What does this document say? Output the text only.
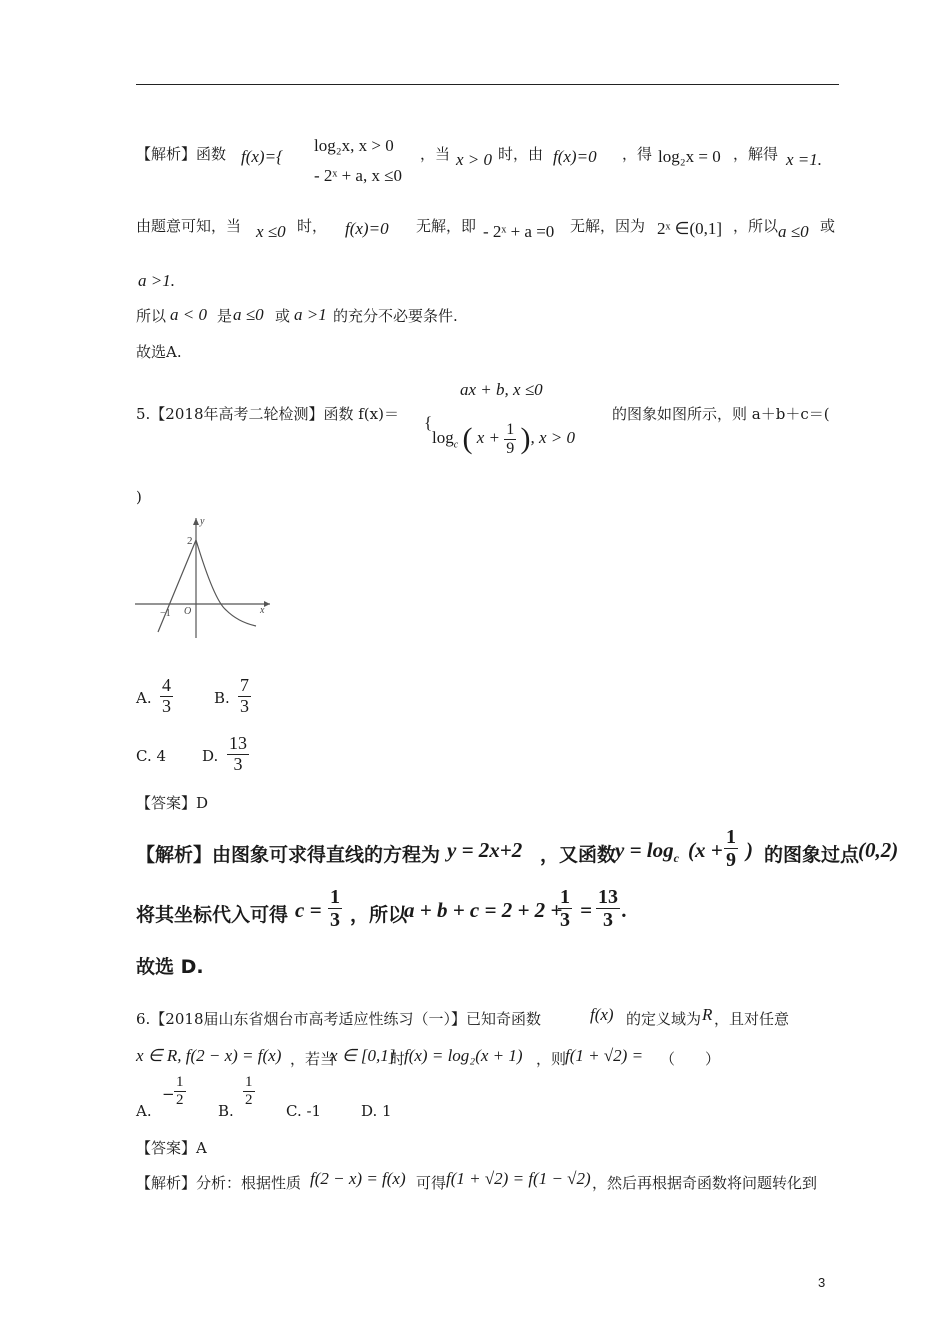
【解析】函数 f(x)={
log₂x, x > 0
- 2ˣ + a, x ≤0
，当 x > 0 时，由 f(x)=0 ，得 log₂x = 0 ，解得 x =1.
由题意可知，当 x ≤0 时， f(x)=0 无解，即 - 2ˣ + a =0 无解，因为 2ˣ ∈(0,1] ，所以 a ≤0 或
a >1.
所以 a < 0 是 a ≤0 或 a >1 的充分不必要条件.
故选A.
5.【2018年高考二轮检测】函数 f(x)＝
ax + b, x ≤0
{
$\log_c$ ( $x + \frac{1}{9}$ ), x > 0
的图象如图所示，则 a＋b＋c＝(
)
y
x
2
−1 O
A. $\frac{4}{3}$	B. $\frac{7}{3}$
C. 4 D. $\frac{13}{3}$
【答案】D
【解析】由图象可求得直线的方程为 y = 2x+2 ，又函数
$y = \log_c (x + \frac{1}{9}$ ) 的图象过点
(0,2)
将其坐标代入可得 $c = \frac{1}{3}$ ，所以
a + b + c = 2 + 2 +
$\frac{1}{3} = \frac{13}{3}$ .
故选 D.
6.【2018届山东省烟台市高考适应性练习（一）】已知奇函数	f(x) 的定义域为 R ，且对任意
x ∈ R, f(2 − x) = f(x) ，若当
x ∈ [0,1]
时
f(x) = log₂(x + 1) ，则
f(1 + √2) = （　　）
A.
− $\frac{1}{2}$
B.
$\frac{1}{2}$
C. -1	D. 1
【答案】A
【解析】分析：根据性质 f(2 − x) = f(x) 可得 f(1 + √2) = f(1 − √2) ，然后再根据奇函数将问题转化到
3
